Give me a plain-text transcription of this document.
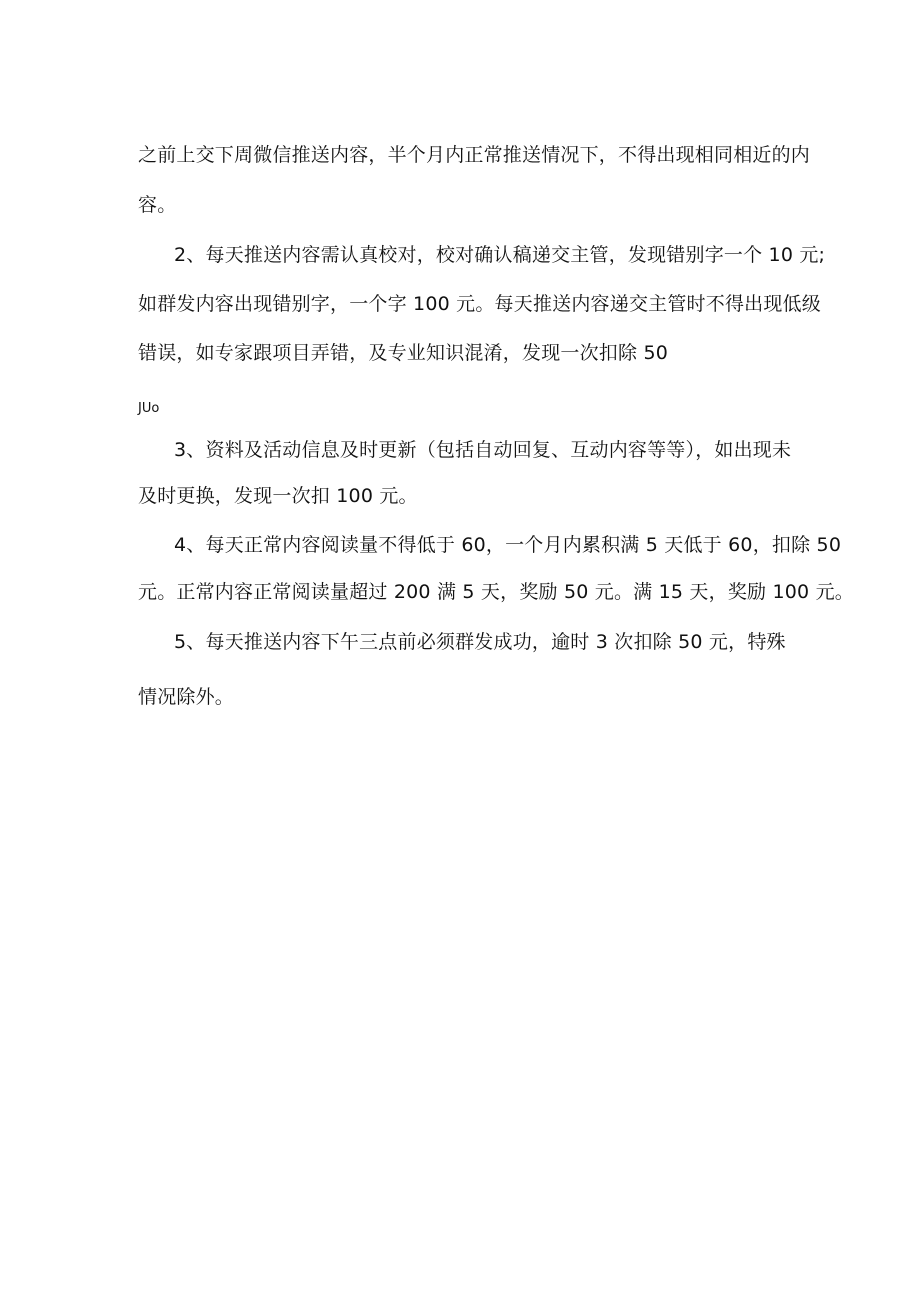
之前上交下周微信推送内容，半个月内正常推送情况下，不得出现相同相近的内
容。
2、每天推送内容需认真校对，校对确认稿递交主管，发现错别字一个 10 元;
如群发内容出现错别字，一个字 100 元。每天推送内容递交主管时不得出现低级
错误，如专家跟项目弄错，及专业知识混淆，发现一次扣除 50
JUo
3、资料及活动信息及时更新（包括自动回复、互动内容等等），如出现未
及时更换，发现一次扣 100 元。
4、每天正常内容阅读量不得低于 60，一个月内累积满 5 天低于 60，扣除 50
元。正常内容正常阅读量超过 200 满 5 天，奖励 50 元。满 15 天，奖励 100 元。
5、每天推送内容下午三点前必须群发成功，逾时 3 次扣除 50 元，特殊
情况除外。
